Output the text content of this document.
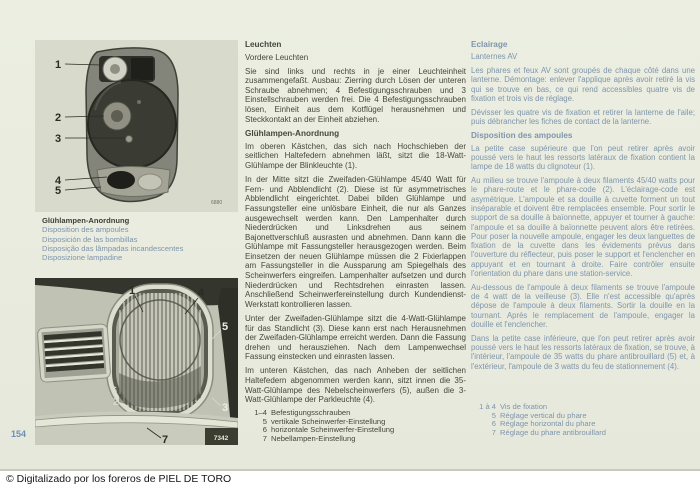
1
2
3
4
5
6880
Glühlampen-Anordnung
Disposition des ampoules
Disposición de las bombillas
Disposição das lâmpadas incandescentes
Disposizione lampadine
1	4
5
6
2	3
7	7342
Leuchten
Vordere Leuchten

Sie sind links und rechts in je einer Leuchteinheit zusammengefaßt. Ausbau: Zierring durch Lösen der unteren Schraube abnehmen; 4 Befestigungsschrauben und 3 Einstellschrauben werden frei. Die 4 Befestigungsschrauben lösen, Einheit aus dem Kotflügel herausnehmen und Steckkontakt an der Einheit abziehen.

Glühlampen-Anordnung

Im oberen Kästchen, das sich nach Hochschieben der seitlichen Haltefedern abnehmen läßt, sitzt die 18-Watt-Glühlampe der Blinkleuchte (1).

In der Mitte sitzt die Zweifaden-Glühlampe 45/40 Watt für Fern- und Abblendlicht (2). Diese ist für asymmetrisches Abblendlicht eingerichtet. Dabei bilden Glühlampe und Fassungsteller eine unlösbare Einheit, die nur als Ganzes ausgewechselt werden kann. Den Lampenhalter durch Niederdrücken und Linksdrehen aus seinem Bajonettverschluß ausrasten und abnehmen. Dann kann die Glühlampe mit Fassungsteller herausgezogen werden. Beim Einsetzen der neuen Glühlampe müssen die 2 Fixierlappen am Fassungsteller in die Aussparung am Spiegelhals des Scheinwerfers eingreifen. Lampenhalter aufsetzen und durch Niederdrücken und Rechtsdrehen einrasten lassen. Anschließend Scheinwerfereinstellung durch Kundendienst-Werkstatt kontrollieren lassen.

Unter der Zweifaden-Glühlampe sitzt die 4-Watt-Glühlampe für das Standlicht (3). Diese kann erst nach Herausnehmen der Zweifaden-Glühlampe erreicht werden. Dann die Fassung drehen und herausziehen. Nach dem Lampenwechsel Fassung einstecken und einrasten lassen.

Im unteren Kästchen, das nach Anheben der seitlichen Haltefedern abgenommen werden kann, sitzt innen die 35-Watt-Glühlampe des Nebelscheinwerfers (5), außen die 3-Watt-Glühlampe der Parkleuchte (4).

Eclairage
Lanternes AV

Les phares et feux AV sont groupés de chaque côté dans une lanterne. Démontage: enlever l'applique après avoir retiré la vis qui se trouve en bas, ce qui rend accessibles quatre vis de fixation et trois vis de réglage.

Dévisser les quatre vis de fixation et retirer la lanterne de l'aile; puis débrancher les fiches de contact de la lanterne.

Disposition des ampoules

La petite case supérieure que l'on peut retirer après avoir poussé vers le haut les ressorts latéraux de fixation contient la lampe de 18 watts du clignoteur (1).

Au milieu se trouve l'ampoule à deux filaments 45/40 watts pour le phare-route et le phare-code (2). L'éclairage-code est asymétrique. L'ampoule et sa douille à cuvette forment un tout inséparable et doivent être remplacées ensemble. Pour sortir le support de sa douille à baïonnette, appuyer et tourner à gauche: l'ampoule et sa douille à baïonnette peuvent alors être retirées. Pour poser la nouvelle ampoule, engager les deux languettes de fixation de la cuvette dans les évidements prévus dans l'ouverture du réflecteur, puis poser le support et l'enclencher en appuyant et en tournant à droite. Faire contrôler ensuite l'orientation du phare dans une station-service.

Au-dessous de l'ampoule à deux filaments se trouve l'ampoule de 4 watt de la veilleuse (3). Elle n'est accessible qu'après dépose de l'ampoule à deux filaments. Sortir la douille en la tournant. Après le remplacement de l'ampoule, engager la douille et l'enclencher.

Dans la petite case inférieure, que l'on peut retirer après avoir poussé vers le haut les ressorts latéraux de fixation, se trouve, à l'intérieur, l'ampoule de 35 watts du phare antibrouillard (5) et, à l'extérieur, l'ampoule de 3 watts du feu de stationnement (4).

1–4 Befestigungsschrauben
5 vertikale Scheinwerfer-Einstellung
6 horizontale Scheinwerfer-Einstellung
7 Nebellampen-Einstellung
1 à 4 Vis de fixation
5 Réglage vertical du phare
6 Réglage horizontal du phare
7 Réglage du phare antibrouillard
154
© Digitalizado por los foreros de PIEL DE TORO
